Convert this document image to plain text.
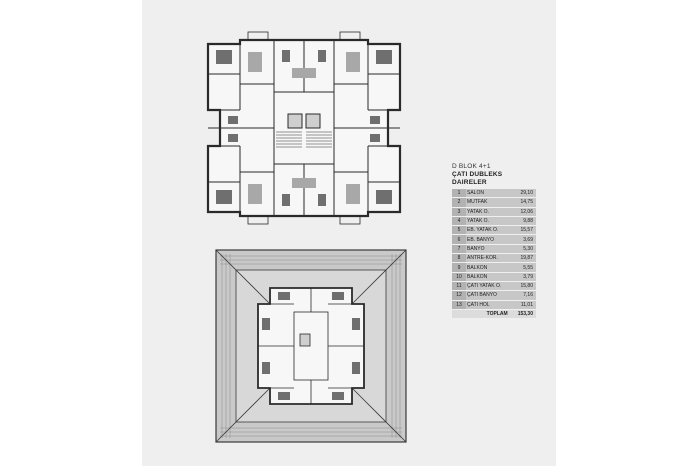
D BLOK 4+1
ÇATI DUBLEKS DAIRELER
1	SALON	29,10
2	MUTFAK	14,75
3	YATAK O.	12,06
4	YATAK O.	9,88
5	EB. YATAK O.	15,57
6	EB. BANYO	3,69
7	BANYO	5,30
8	ANTRE-KOR.	19,87
9	BALKON	5,55
10	BALKON	3,79
11	ÇATI YATAK O.	15,80
12	ÇATI BANYO	7,16
13	ÇATI HOL	11,01
	TOPLAM	153,30
